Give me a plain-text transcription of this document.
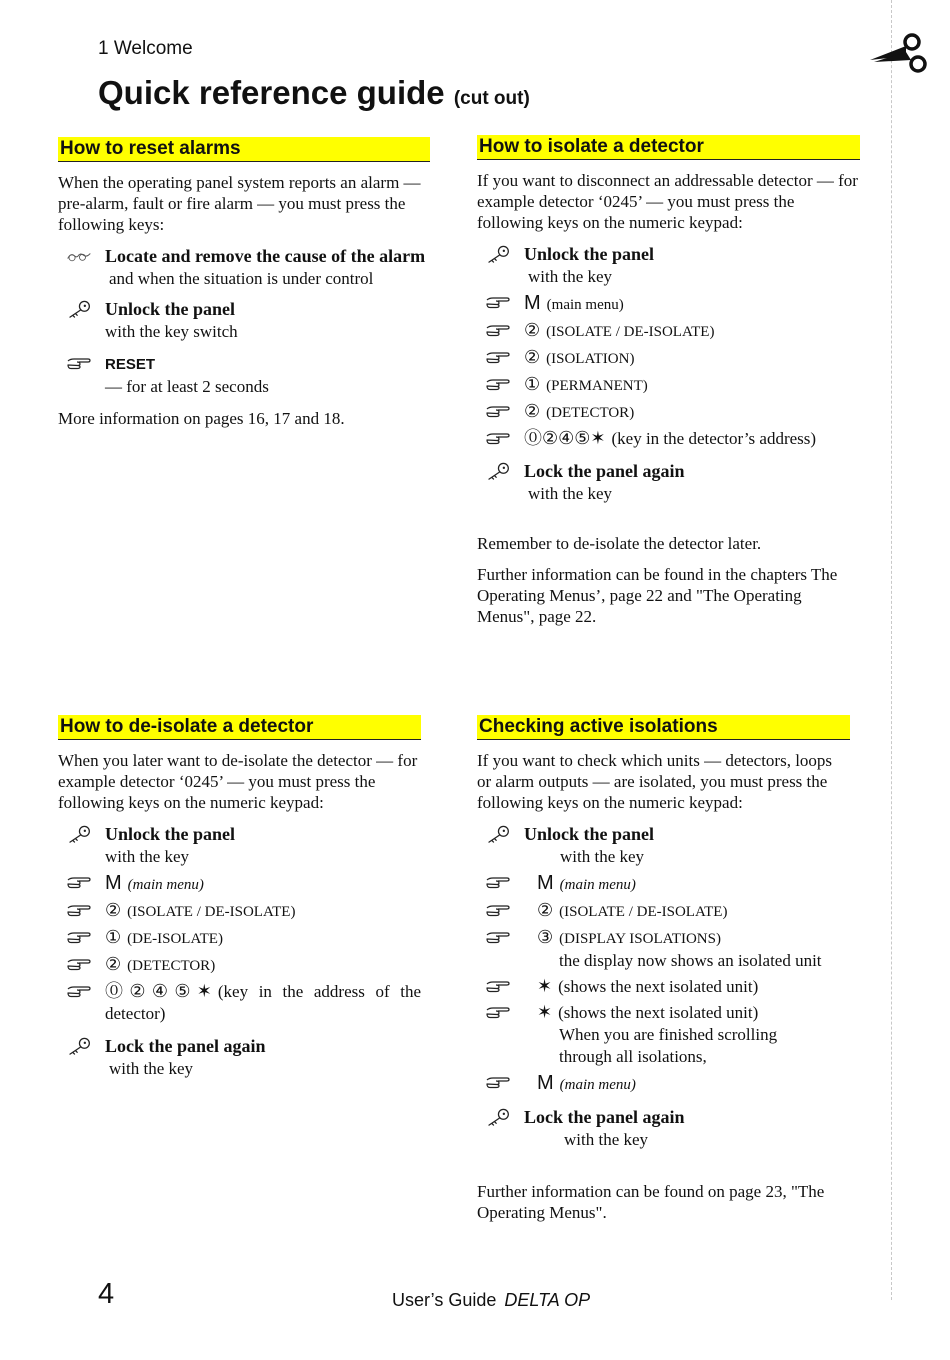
1 Welcome
Quick reference guide (cut out)
How to reset alarms

When the operating panel system reports an alarm — pre-alarm, fault or fire alarm — you must press the following keys:

Locate and remove the cause of the alarm
and when the situation is under control
Unlock the panel
with the key switch
RESET
— for at least 2 seconds

More information on pages 16, 17 and 18.

How to isolate a detector

If you want to disconnect an addressable detector — for example detector ‘0245’ — you must press the following keys on the numeric keypad:

Unlock the panel
with the key
M (main menu)
② (ISOLATE / DE-ISOLATE)
② (ISOLATION)
① (PERMANENT)
② (DETECTOR)
⓪②④⑤✶ (key in the detector’s address)
Lock the panel again
with the key

Remember to de-isolate the detector later.

Further information can be found in the chapters The Operating Menus’, page 22 and "The Operating Menus", page 22.

How to de-isolate a detector

When you later want to de-isolate the detector — for example detector ‘0245’ — you must press the following keys on the numeric keypad:

Unlock the panel
with the key
M (main menu)
② (ISOLATE / DE-ISOLATE)
① (DE-ISOLATE)
② (DETECTOR)
⓪②④⑤✶ (key in the address of the detector)
Lock the panel again
with the key
Checking active isolations

If you want to check which units — detectors, loops or alarm outputs — are isolated, you must press the following keys on the numeric keypad:

Unlock the panel
with the key
M (main menu)
② (ISOLATE / DE-ISOLATE)
③ (DISPLAY ISOLATIONS)
the display now shows an isolated unit
✶ (shows the next isolated unit)
✶ (shows the next isolated unit)
When you are finished scrolling through all isolations,
M (main menu)
Lock the panel again
with the key

Further information can be found on page 23, "The Operating Menus".

4	User’s Guide DELTA OP
